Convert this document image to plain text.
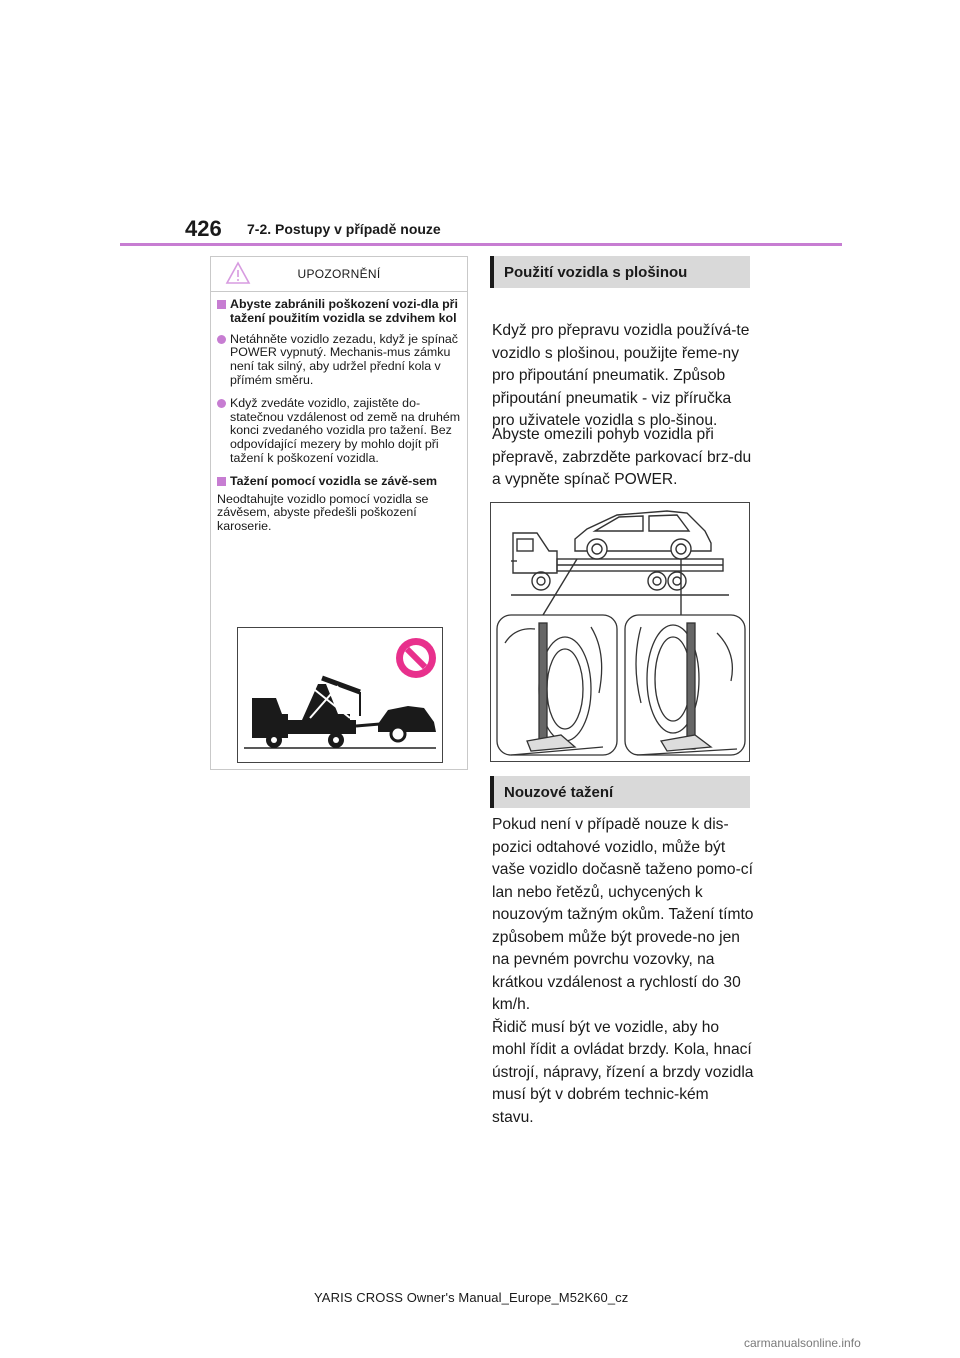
426 7-2. Postupy v případě nouze
UPOZORNĚNÍ
Abyste zabránili poškození vozi-dla při tažení použitím vozidla se zdvihem kol
Netáhněte vozidlo zezadu, když je spínač POWER vypnutý. Mechanis-mus zámku není tak silný, aby udržel přední kola v přímém směru.
Když zvedáte vozidlo, zajistěte do-statečnou vzdálenost od země na druhém konci zvedaného vozidla pro tažení. Bez odpovídající mezery by mohlo dojít při tažení k poškození vozidla.
Tažení pomocí vozidla se závě-sem
Neodtahujte vozidlo pomocí vozidla se závěsem, abyste předešli poškození karoserie.
Použití vozidla s plošinou

Když pro přepravu vozidla používá-te vozidlo s plošinou, použijte řeme-ny pro připoutání pneumatik. Způsob připoutání pneumatik - viz příručka pro uživatele vozidla s plo-šinou.

Abyste omezili pohyb vozidla při přepravě, zabrzděte parkovací brz-du a vypněte spínač POWER.

Nouzové tažení

Pokud není v případě nouze k dis-pozici odtahové vozidlo, může být vaše vozidlo dočasně taženo pomo-cí lan nebo řetězů, uchycených k nouzovým tažným okům. Tažení tímto způsobem může být provede-no jen na pevném povrchu vozovky, na krátkou vzdálenost a rychlostí do 30 km/h.
Řidič musí být ve vozidle, aby ho mohl řídit a ovládat brzdy. Kola, hnací ústrojí, nápravy, řízení a brzdy vozidla musí být v dobrém technic-kém stavu.

YARIS CROSS Owner's Manual_Europe_M52K60_cz
carmanualsonline.info
